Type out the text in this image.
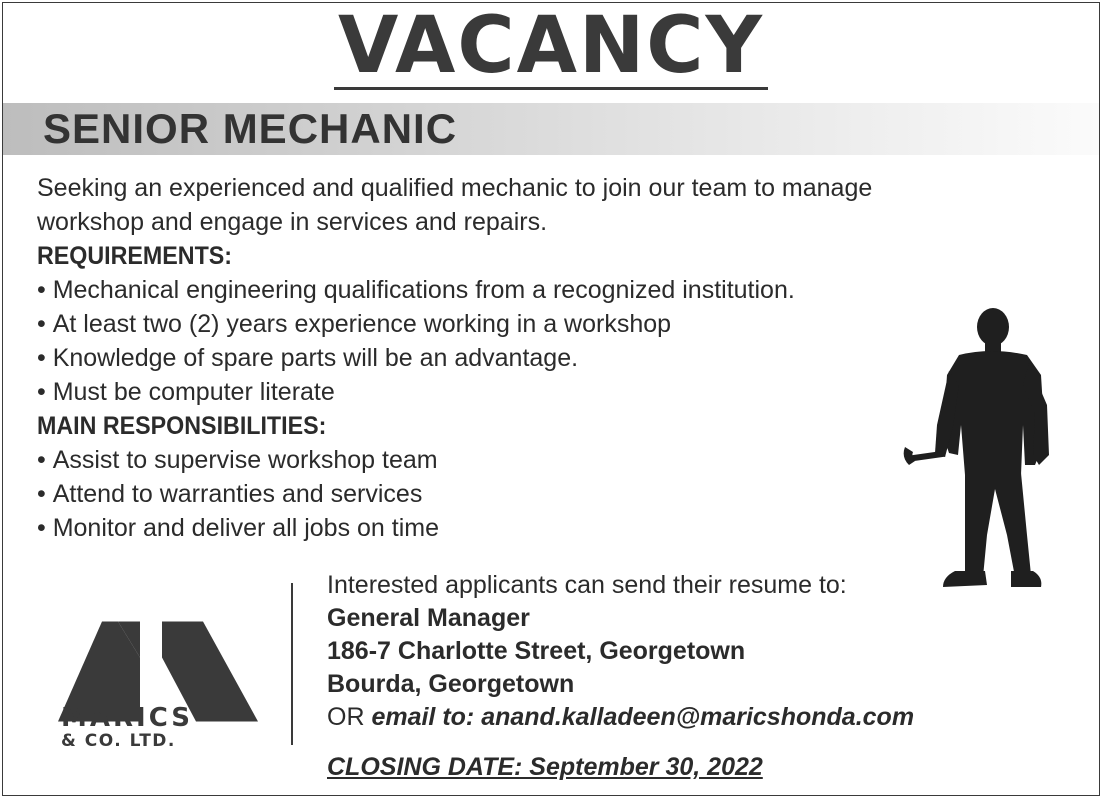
VACANCY
SENIOR MECHANIC

Seeking an experienced and qualified mechanic to join our team to manage

workshop and engage in services and repairs.

REQUIREMENTS:

• Mechanical engineering qualifications from a recognized institution.
• At least two (2) years experience working in a workshop
• Knowledge of spare parts will be an advantage.
• Must be computer literate

MAIN RESPONSIBILITIES:

• Assist to supervise workshop team
• Attend to warranties and services
• Monitor and deliver all jobs on time
MARICS
& CO. LTD.
Interested applicants can send their resume to:
General Manager
186-7 Charlotte Street, Georgetown
Bourda, Georgetown
OR email to: anand.kalladeen@maricshonda.com
CLOSING DATE: September 30, 2022
